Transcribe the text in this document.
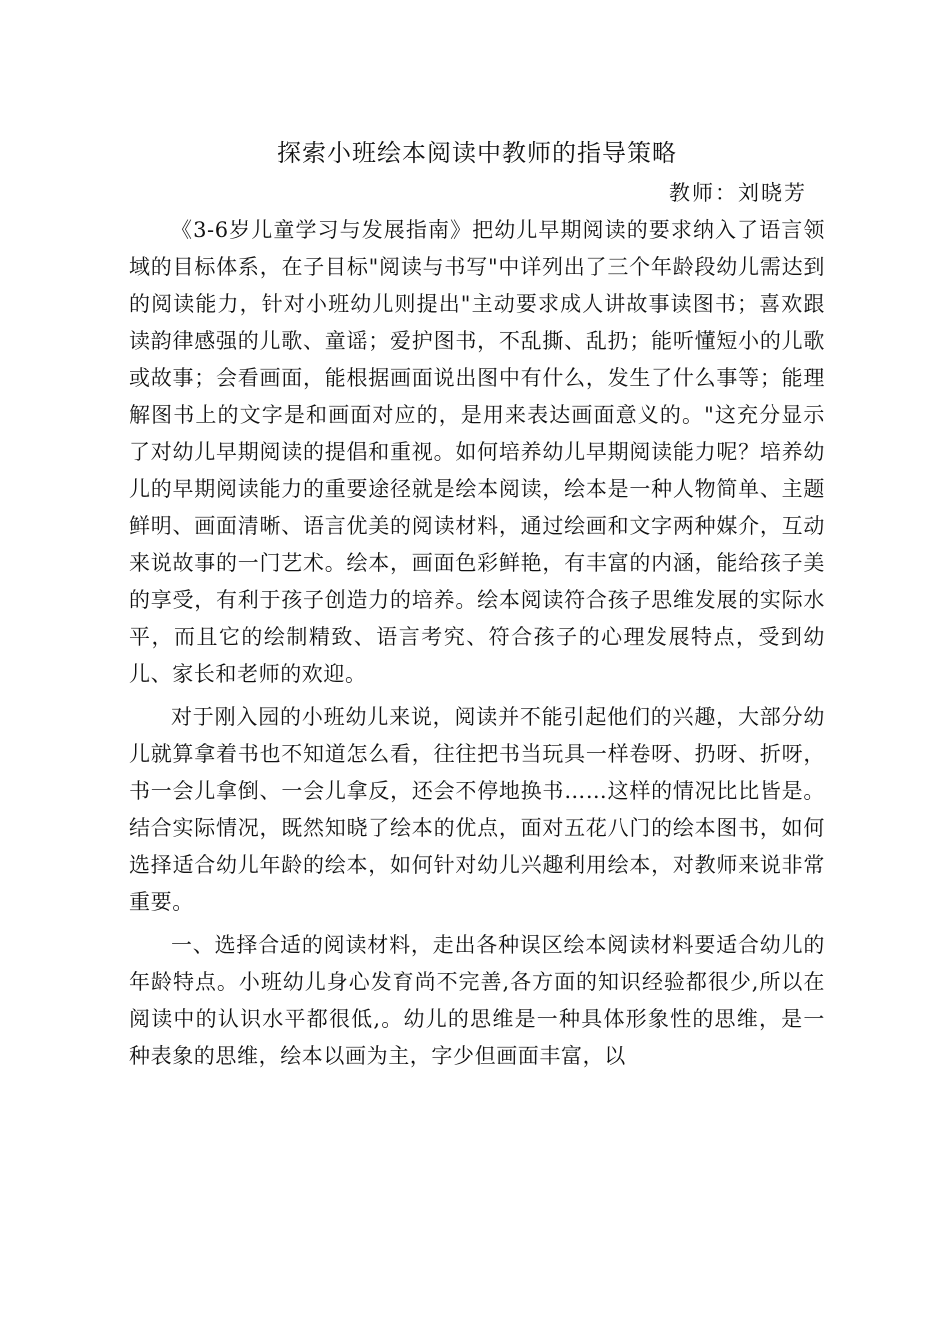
探索小班绘本阅读中教师的指导策略
教师：刘晓芳

《3-6岁儿童学习与发展指南》把幼儿早期阅读的要求纳入了语言领域的目标体系，在子目标"阅读与书写"中详列出了三个年龄段幼儿需达到的阅读能力，针对小班幼儿则提出"主动要求成人讲故事读图书；喜欢跟读韵律感强的儿歌、童谣；爱护图书，不乱撕、乱扔；能听懂短小的儿歌或故事；会看画面，能根据画面说出图中有什么，发生了什么事等；能理解图书上的文字是和画面对应的，是用来表达画面意义的。"这充分显示了对幼儿早期阅读的提倡和重视。如何培养幼儿早期阅读能力呢？培养幼儿的早期阅读能力的重要途径就是绘本阅读，绘本是一种人物简单、主题鲜明、画面清晰、语言优美的阅读材料，通过绘画和文字两种媒介，互动来说故事的一门艺术。绘本，画面色彩鲜艳，有丰富的内涵，能给孩子美的享受，有利于孩子创造力的培养。绘本阅读符合孩子思维发展的实际水平，而且它的绘制精致、语言考究、符合孩子的心理发展特点，受到幼儿、家长和老师的欢迎。

对于刚入园的小班幼儿来说，阅读并不能引起他们的兴趣，大部分幼儿就算拿着书也不知道怎么看，往往把书当玩具一样卷呀、扔呀、折呀，书一会儿拿倒、一会儿拿反，还会不停地换书……这样的情况比比皆是。结合实际情况，既然知晓了绘本的优点，面对五花八门的绘本图书，如何选择适合幼儿年龄的绘本，如何针对幼儿兴趣利用绘本，对教师来说非常重要。

一、选择合适的阅读材料，走出各种误区绘本阅读材料要适合幼儿的年龄特点。小班幼儿身心发育尚不完善,各方面的知识经验都很少,所以在阅读中的认识水平都很低,。幼儿的思维是一种具体形象性的思维，是一种表象的思维，绘本以画为主，字少但画面丰富，以
